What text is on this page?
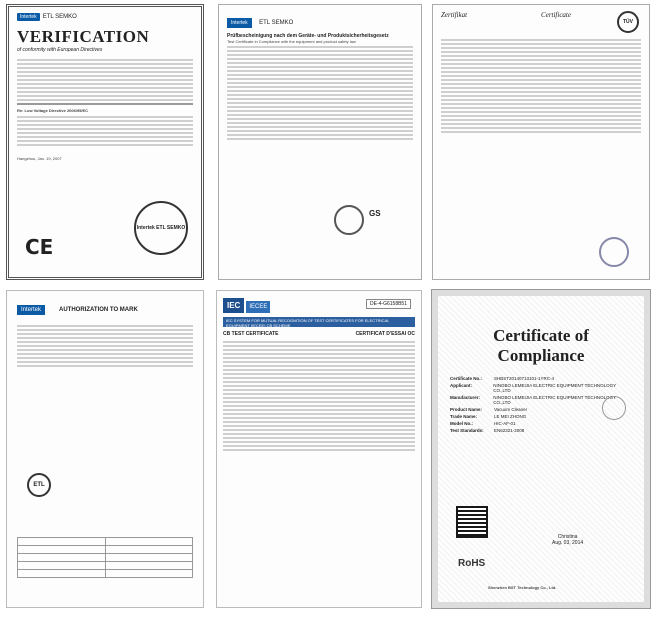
Intertek	ETL SEMKO
VERIFICATION
of conformity with European Directives
Re: Low Voltage Directive 2006/95/EC
Hangzhou, Jan. 19, 2007
CE
Intertek ETL SEMKO
Intertek ETL SEMKO
Prüfbescheinigung nach dem Geräte- und Produktsicherheitsgesetz
Test Certificate in Compliance with the equipment and product safety law
GS
Zertifikat	Certificate
TÜV
Intertek	AUTHORIZATION TO MARK
ETL

IEC IECEE	DE-4-G6158B51
IEC SYSTEM FOR MUTUAL RECOGNITION OF TEST CERTIFICATES FOR ELECTRICAL EQUIPMENT (IECEE) CB SCHEME
CB TEST CERTIFICATE	CERTIFICAT D'ESSAI OC	Certificate of Compliance
Certificate No.:	SHBST20140713101-1YRC-4
Applicant:	NINGBO LEMEIJIA ELECTRIC EQUIPMENT TECHNOLOGY CO.,LTD
Manufacturer:	NINGBO LEMEIJIA ELECTRIC EQUIPMENT TECHNOLOGY CO.,LTD
Product Name:	Vacuum Cleaner
Trade Name:	LE MEI ZHONG
Model No.:	HIC-AF-01
Test Standards:	EN62321-2008
RoHS
Christina
Aug. 03, 2014
Shenzhen BST Technology Co., Ltd.
